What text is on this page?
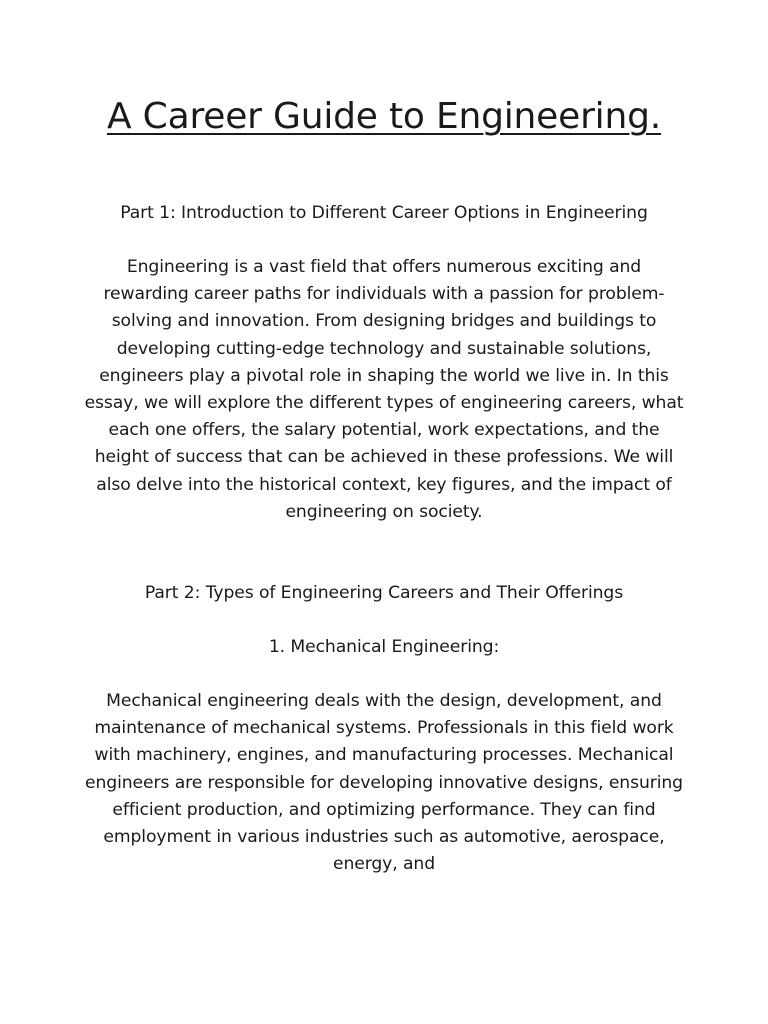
A Career Guide to Engineering.

Part 1: Introduction to Different Career Options in Engineering

Engineering is a vast field that offers numerous exciting and rewarding career paths for individuals with a passion for problem-solving and innovation. From designing bridges and buildings to developing cutting-edge technology and sustainable solutions, engineers play a pivotal role in shaping the world we live in. In this essay, we will explore the different types of engineering careers, what each one offers, the salary potential, work expectations, and the height of success that can be achieved in these professions. We will also delve into the historical context, key figures, and the impact of engineering on society.

Part 2: Types of Engineering Careers and Their Offerings

1. Mechanical Engineering:

Mechanical engineering deals with the design, development, and maintenance of mechanical systems. Professionals in this field work with machinery, engines, and manufacturing processes. Mechanical engineers are responsible for developing innovative designs, ensuring efficient production, and optimizing performance. They can find employment in various industries such as automotive, aerospace, energy, and
